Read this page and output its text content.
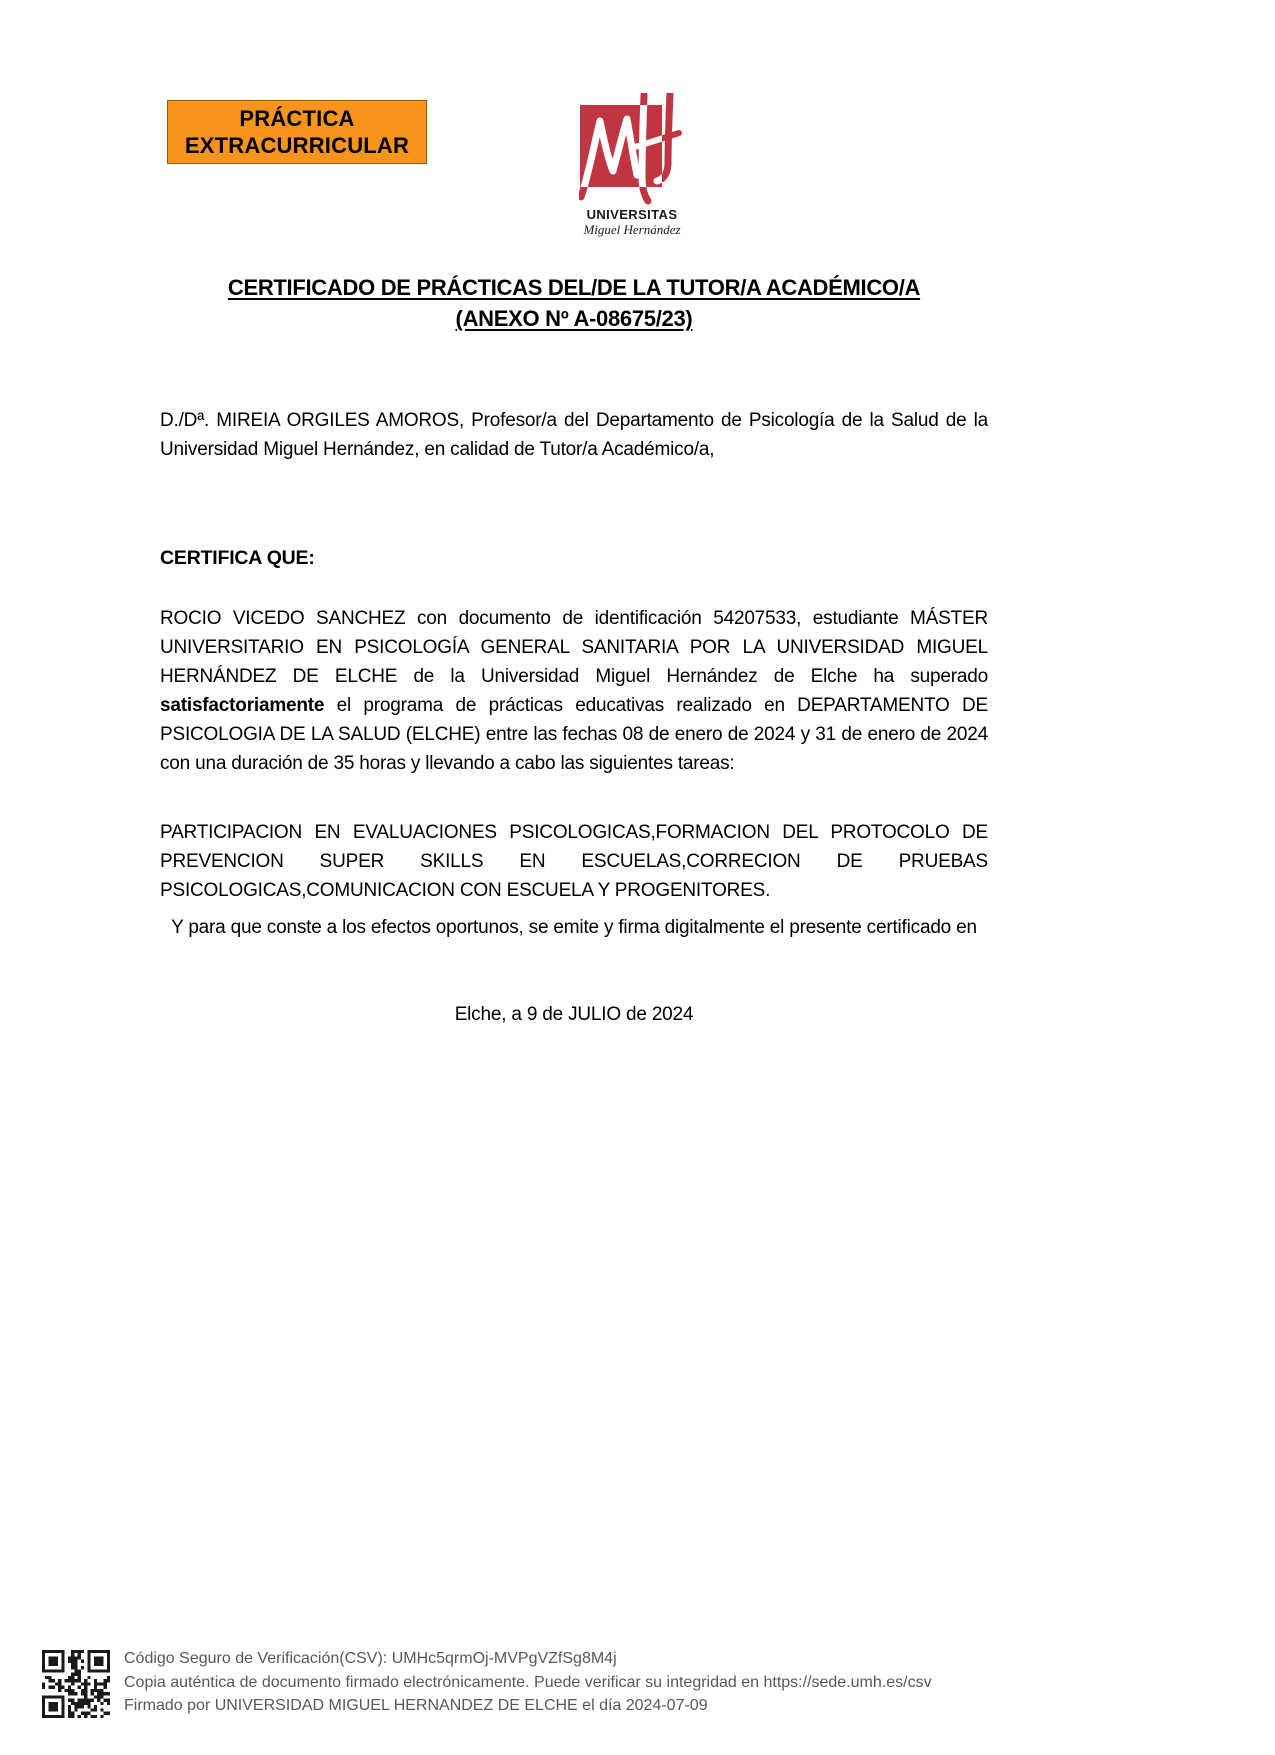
PRÁCTICA
EXTRACURRICULAR
UNIVERSITAS
Miguel Hernández
CERTIFICADO DE PRÁCTICAS DEL/DE LA TUTOR/A ACADÉMICO/A
(ANEXO Nº A-08675/23)
D./Dª. MIREIA ORGILES AMOROS, Profesor/a del Departamento de Psicología de la Salud de la Universidad Miguel Hernández, en calidad de Tutor/a Académico/a,
CERTIFICA QUE:
ROCIO VICEDO SANCHEZ con documento de identificación 54207533, estudiante MÁSTER UNIVERSITARIO EN PSICOLOGÍA GENERAL SANITARIA POR LA UNIVERSIDAD MIGUEL HERNÁNDEZ DE ELCHE de la Universidad Miguel Hernández de Elche ha superado satisfactoriamente el programa de prácticas educativas realizado en DEPARTAMENTO DE PSICOLOGIA DE LA SALUD (ELCHE) entre las fechas 08 de enero de 2024 y 31 de enero de 2024 con una duración de 35 horas y llevando a cabo las siguientes tareas:
PARTICIPACION EN EVALUACIONES PSICOLOGICAS,FORMACION DEL PROTOCOLO DE PREVENCION SUPER SKILLS EN ESCUELAS,CORRECION DE PRUEBAS PSICOLOGICAS,COMUNICACION CON ESCUELA Y PROGENITORES.
Y para que conste a los efectos oportunos, se emite y firma digitalmente el presente certificado en
Elche, a 9 de JULIO de 2024
Código Seguro de Verificación(CSV): UMHc5qrmOj-MVPgVZfSg8M4j
Copia auténtica de documento firmado electrónicamente. Puede verificar su integridad en https://sede.umh.es/csv
Firmado por UNIVERSIDAD MIGUEL HERNANDEZ DE ELCHE el día 2024-07-09
